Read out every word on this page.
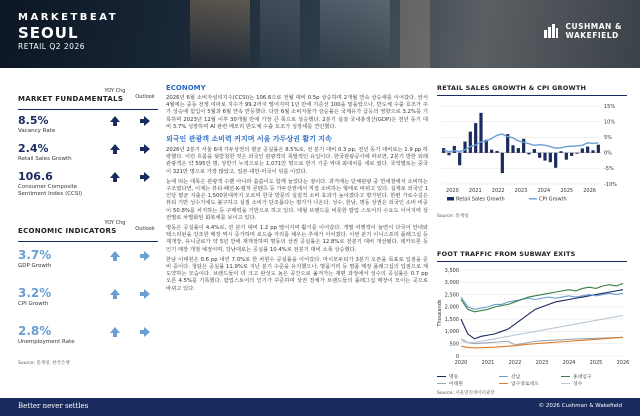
MARKETBEAT
SEOUL
RETAIL Q2 2026
CUSHMAN &
WAKEFIELD
MARKET FUNDAMENTALS
YOY Chg
Outlook
8.5%
Vacancy Rate
2.4%
Retail Sales Growth
106.6
Consumer Composite Sentiment Index (CCSI)
ECONOMIC INDICATORS
YOY Chg
Outlook
3.7%
GDP Growth
3.2%
CPI Growth
2.8%
Unemployment Rate
Source: 통계청, 한국은행
ECONOMY

2026년 6월 소비자심리지수(CCSI)는 106.6으로 전월 대비 0.5p 상승하며 2개월 연속 상승세를 이어갔다. 앞서 4월에는 중동 전쟁 여파로 지수가 99.2까지 떨어지며 1년 만에 기준선 100을 밑돌았으나, 반도체 수출 호조가 주가 상승에 힘입어 5월과 6월 연속 반등했다. 다만 6월 소비자물가 상승률은 국제유가 급등의 영향으로 3.2%를 기록하며 2023년 12월 이후 30개월 만에 가장 큰 폭으로 상승했다. 2분기 실질 국내총생산(GDP)은 전년 동기 대비 3.7% 성장하며 AI 관련 메모리 반도체 수출 호조가 성장세를 견인했다.

외국인 관광객 소비력 커지며 서울 가두상권 활기 지속

2026년 2분기 서울 6대 가두상권의 평균 공실률은 8.5%로, 전 분기 대비 0.3 pp, 전년 동기 대비로는 1.9 pp 하락했다. 이런 흐름을 뒷받침한 것은 외국인 관광객의 폭발적인 유입이다. 한국관광공사에 따르면, 2분기 방한 외래관광객은 약 595만 명, 상반기 누적으로는 1,071만 명으로 반기 기준 역대 최대치를 새로 썼다. 국적별로는 중국이 321만 명으로 가장 많았고, 일본·대만·미국이 뒤를 이었다.

눈에 띄는 대목은 관광객 수뿐 아니라 씀씀이도 함께 늘었다는 점이다. 과거에는 단체관광 중 면세점에서 소비하는 구조였다면, 이제는 뷰티·패션·K-컬처 콘텐츠 등 가두상권에서 직접 소비하는 형태로 바뀌고 있다. 실제로 외국인 1인당 평균 지출은 1,500원대까지 오르며 한국 방문의 실질적 소비 효과가 높아졌다고 평가된다. 한편 가로수길은 뷰티 기반 성수기에도 불구하고 실질 소비가 단조롭다는 평가가 나온다. 성수, 한남, 명동 상권은 외국인 소비 비중이 50.8%를 차지하는 등 구매력을 기반으로 하고 있다. 대형 브랜드를 비롯한 팝업 스토어의 수요도 이어지며 상권별로 차별화된 회복세를 보이고 있다.

명동은 공실률이 4.4%로, 전 분기 대비 1.2 pp 떨어지며 활기를 이어갔다. 개별 여행객이 늘면서 다국어 안내와 택스리펀을 강조한 매장 역시 증가하며 로드숍 자리를 채우는 추세가 이어졌다. 이번 분기 이니스프리 플래그십 등 재개장, 유니클로가 약 5년 만에 재개장하며 명동의 상권 공실률은 12.8%로 전분기 대비 개선됐다. 데카트론 등 인기 매장 개점 예정이며, 강남대로는 공실률 10.4%로 전분기 대비 소폭 상승했다.

한남 이태원은 0.6 pp 내린 7.0%로 한 차원수 공실률을 이어갔다. 마시모두티가 3분기 오픈을 목표로 입점을 준비 중이다. 청담은 공실률 11.9%로 지난 분기 수준을 유지했으나, 명품거리 등 명품 매장 플래그십의 입점으로 재도약하는 모습이다. 브랜드들이 더 크고 완성도 높은 공간으로 옮겨가는 재편 과정에서 성수의 공실률은 0.7 pp 오른 4.5%를 기록했다. 팝업스토어의 인기가 꾸준하며 상권 전체가 브랜드들의 플래그십 매장이 모이는 곳으로 바뀌고 있다.

RETAIL SALES GROWTH & CPI GROWTH
-10%
-5%
0%
5%
10%
15%
2020 2021 2022 2023 2024 2025 2026
Retail Sales Growth	CPI Growth
Source: 통계청
FOOT TRAFFIC FROM SUBWAY EXITS
0
500
1,000
1,500
2,000
2,500
3,000
3,500
Thousands
2020	2021	2022	2023	2024	2025	2026
명동	강남	홍대입구
이태원	압구정로데오	성수
Source: 서울열린데이터광장
Better never settles	© 2026 Cushman & Wakefield
